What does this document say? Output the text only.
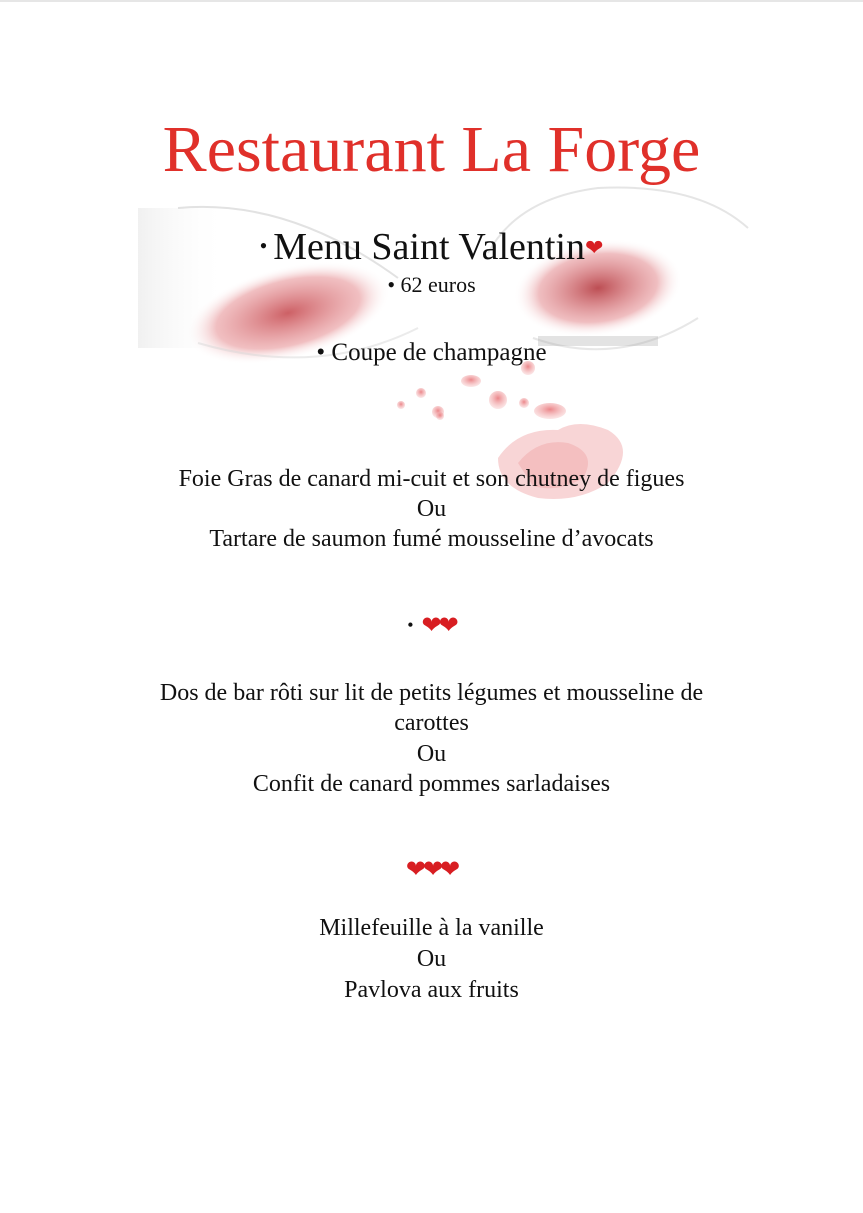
Restaurant La Forge
• Menu Saint Valentin❤
• 62 euros
• Coupe de champagne
Foie Gras de canard mi-cuit et son chutney de figues
Ou
Tartare de saumon fumé mousseline d’avocats
• ❤❤
Dos de bar rôti sur lit de petits légumes et mousseline de
carottes
Ou
Confit de canard pommes sarladaises
❤❤❤
Millefeuille à la vanille
Ou
Pavlova aux fruits
